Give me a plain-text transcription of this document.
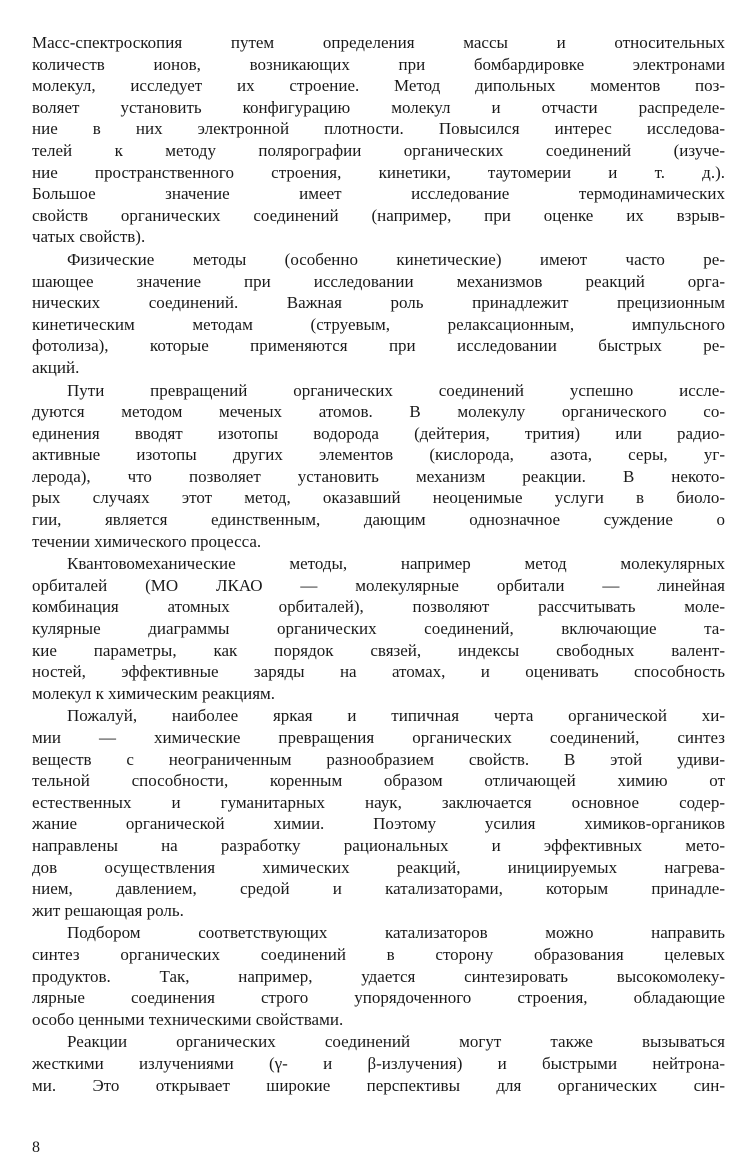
Масс-спектроскопия путем определения массы и относительных
количеств ионов, возникающих при бомбардировке электронами
молекул, исследует их строение. Метод дипольных моментов поз-
воляет установить конфигурацию молекул и отчасти распределе-
ние в них электронной плотности. Повысился интерес исследова-
телей к методу полярографии органических соединений (изуче-
ние пространственного строения, кинетики, таутомерии и т. д.).
Большое значение имеет исследование термодинамических
свойств органических соединений (например, при оценке их взрыв-
чатых свойств).
Физические методы (особенно кинетические) имеют часто ре-
шающее значение при исследовании механизмов реакций орга-
нических соединений. Важная роль принадлежит прецизионным
кинетическим методам (струевым, релаксационным, импульсного
фотолиза), которые применяются при исследовании быстрых ре-
акций.
Пути превращений органических соединений успешно иссле-
дуются методом меченых атомов. В молекулу органического со-
единения вводят изотопы водорода (дейтерия, трития) или радио-
активные изотопы других элементов (кислорода, азота, серы, уг-
лерода), что позволяет установить механизм реакции. В некото-
рых случаях этот метод, оказавший неоценимые услуги в биоло-
гии, является единственным, дающим однозначное суждение о
течении химического процесса.
Квантовомеханические методы, например метод молекулярных
орбиталей (МО ЛКАО — молекулярные орбитали — линейная
комбинация атомных орбиталей), позволяют рассчитывать моле-
кулярные диаграммы органических соединений, включающие та-
кие параметры, как порядок связей, индексы свободных валент-
ностей, эффективные заряды на атомах, и оценивать способность
молекул к химическим реакциям.
Пожалуй, наиболее яркая и типичная черта органической хи-
мии — химические превращения органических соединений, синтез
веществ с неограниченным разнообразием свойств. В этой удиви-
тельной способности, коренным образом отличающей химию от
естественных и гуманитарных наук, заключается основное содер-
жание органической химии. Поэтому усилия химиков-органиков
направлены на разработку рациональных и эффективных мето-
дов осуществления химических реакций, инициируемых нагрева-
нием, давлением, средой и катализаторами, которым принадле-
жит решающая роль.
Подбором соответствующих катализаторов можно направить
синтез органических соединений в сторону образования целевых
продуктов. Так, например, удается синтезировать высокомолеку-
лярные соединения строго упорядоченного строения, обладающие
особо ценными техническими свойствами.
Реакции органических соединений могут также вызываться
жесткими излучениями (γ- и β-излучения) и быстрыми нейтрона-
ми. Это открывает широкие перспективы для органических син-
8
